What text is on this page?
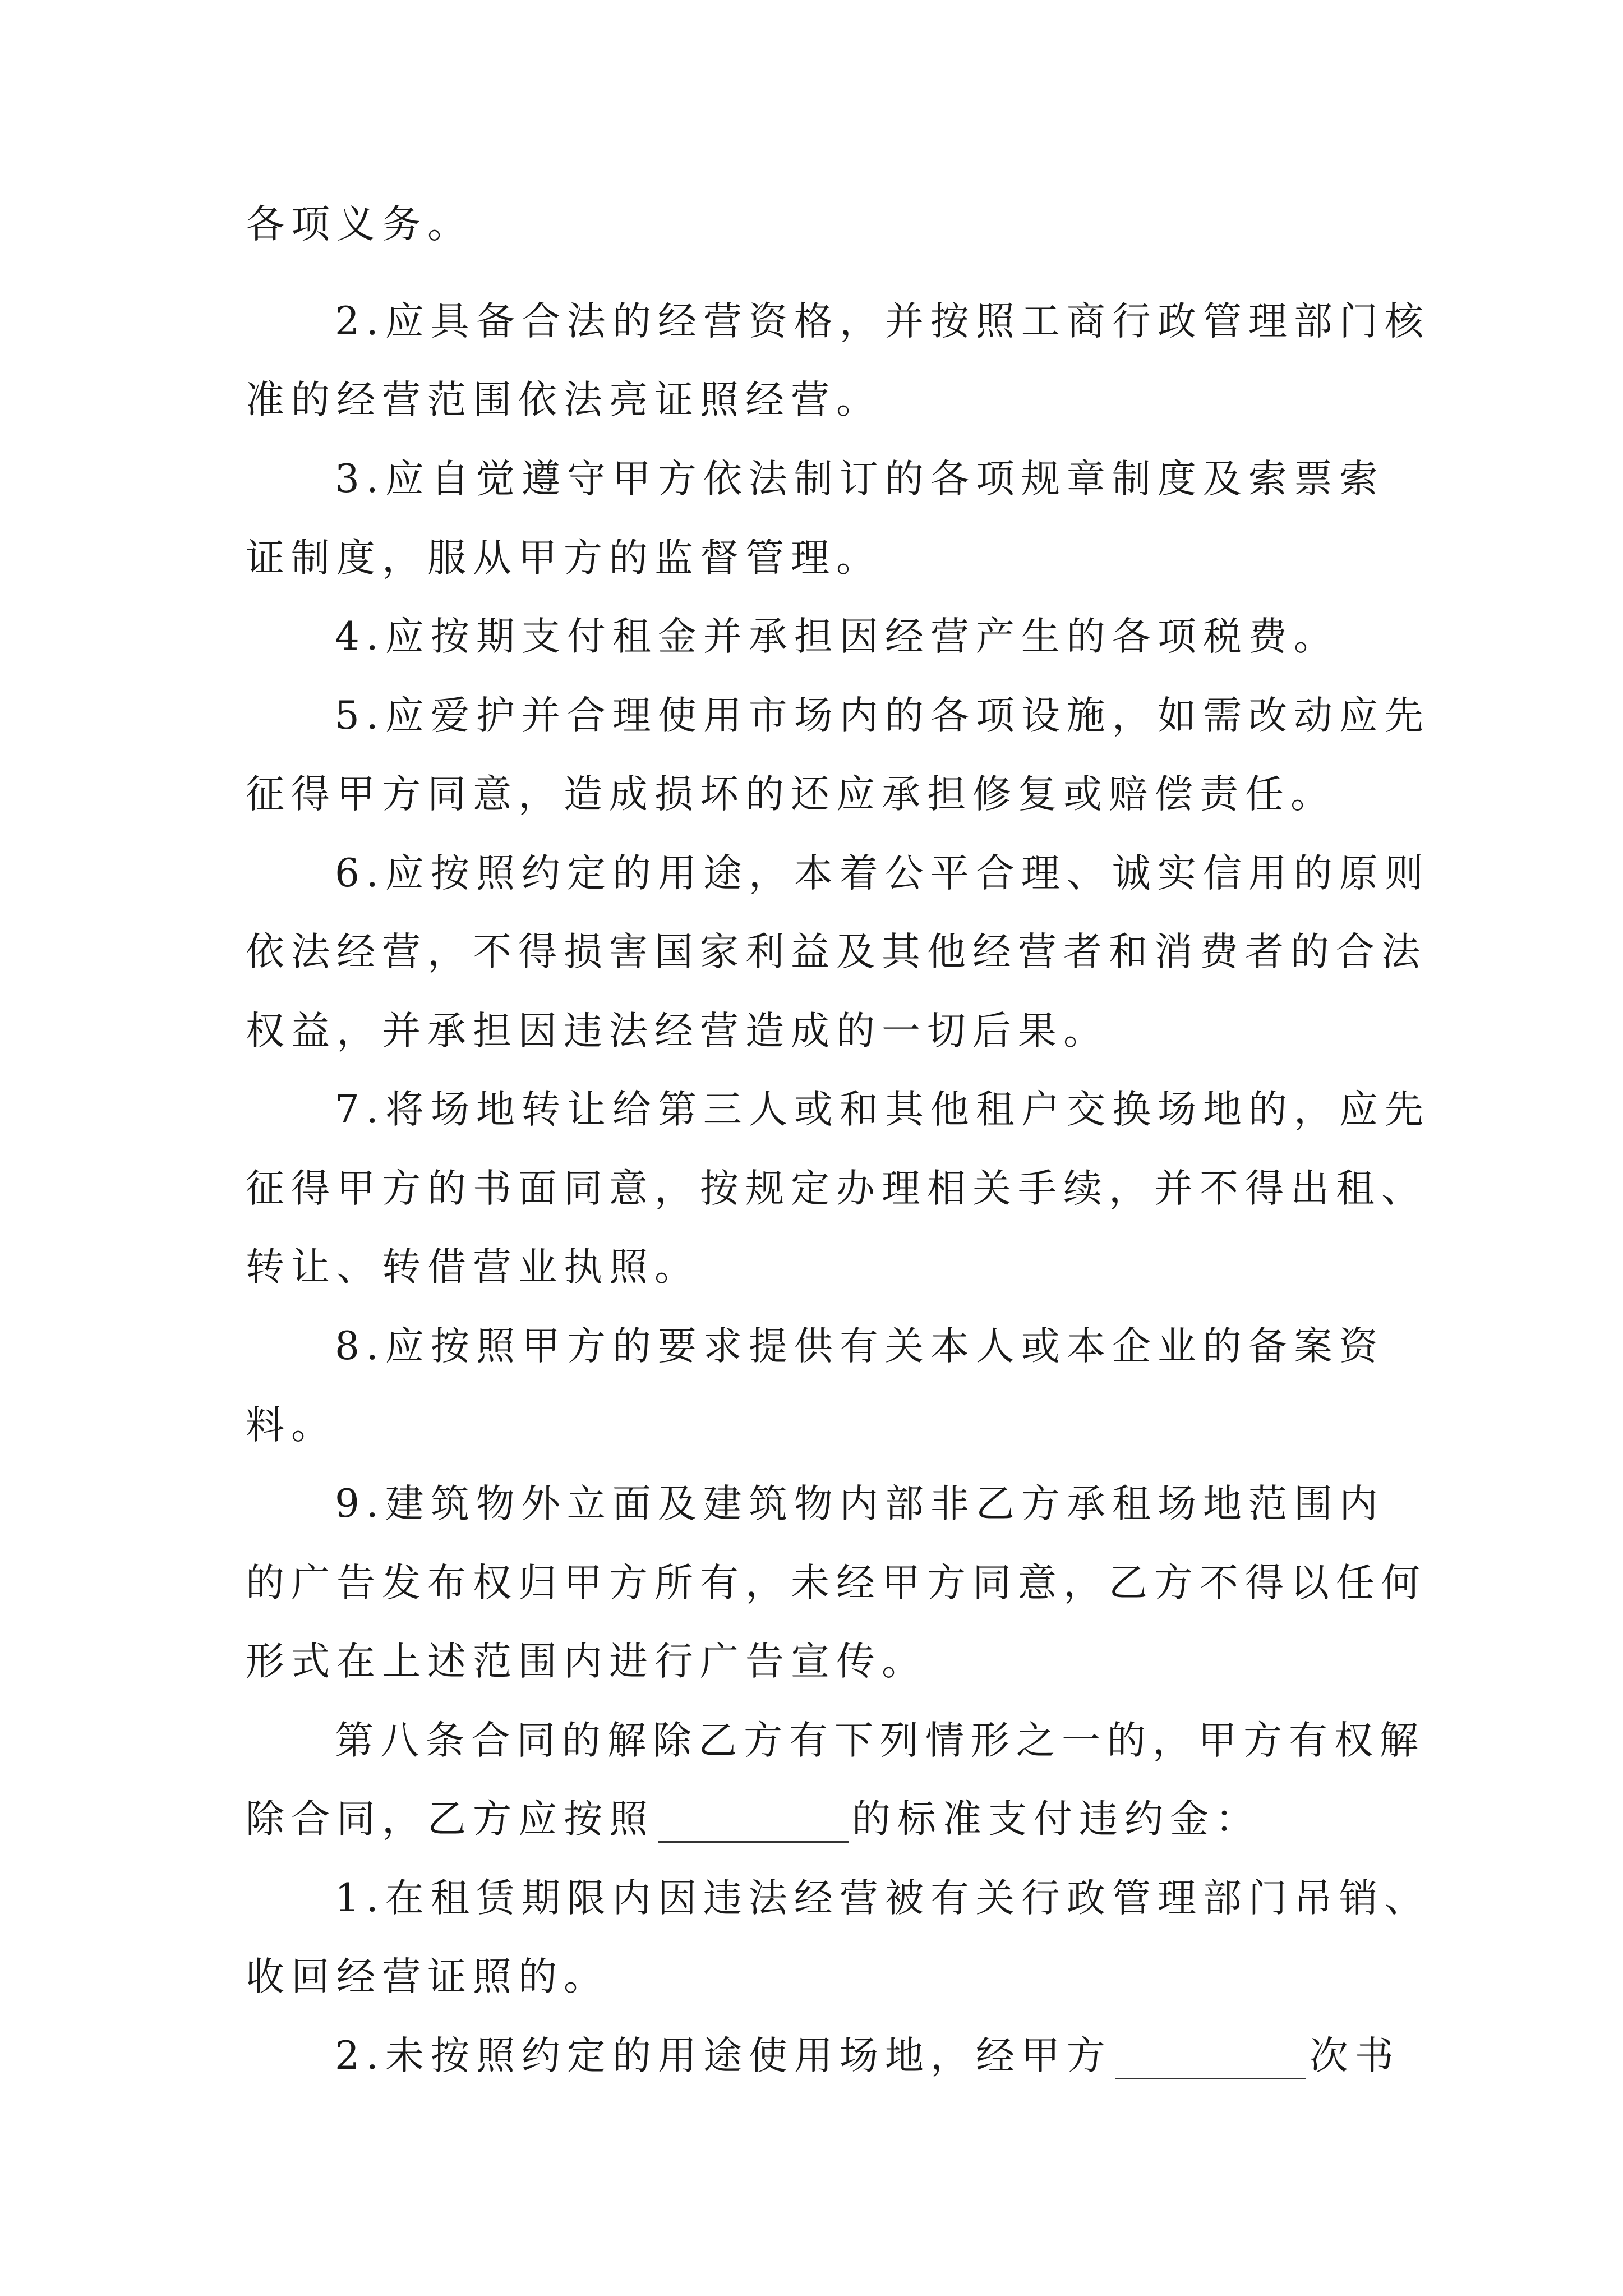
各项义务。
2.应具备合法的经营资格，并按照工商行政管理部门核
准的经营范围依法亮证照经营。
3.应自觉遵守甲方依法制订的各项规章制度及索票索
证制度，服从甲方的监督管理。
4.应按期支付租金并承担因经营产生的各项税费。
5.应爱护并合理使用市场内的各项设施，如需改动应先
征得甲方同意，造成损坏的还应承担修复或赔偿责任。
6.应按照约定的用途，本着公平合理、诚实信用的原则
依法经营，不得损害国家利益及其他经营者和消费者的合法
权益，并承担因违法经营造成的一切后果。
7.将场地转让给第三人或和其他租户交换场地的，应先
征得甲方的书面同意，按规定办理相关手续，并不得出租、
转让、转借营业执照。
8.应按照甲方的要求提供有关本人或本企业的备案资
料。
9.建筑物外立面及建筑物内部非乙方承租场地范围内
的广告发布权归甲方所有，未经甲方同意，乙方不得以任何
形式在上述范围内进行广告宣传。
第八条合同的解除乙方有下列情形之一的，甲方有权解
除合同，乙方应按照	的标准支付违约金：
1.在租赁期限内因违法经营被有关行政管理部门吊销、
收回经营证照的。
2.未按照约定的用途使用场地，经甲方	次书
